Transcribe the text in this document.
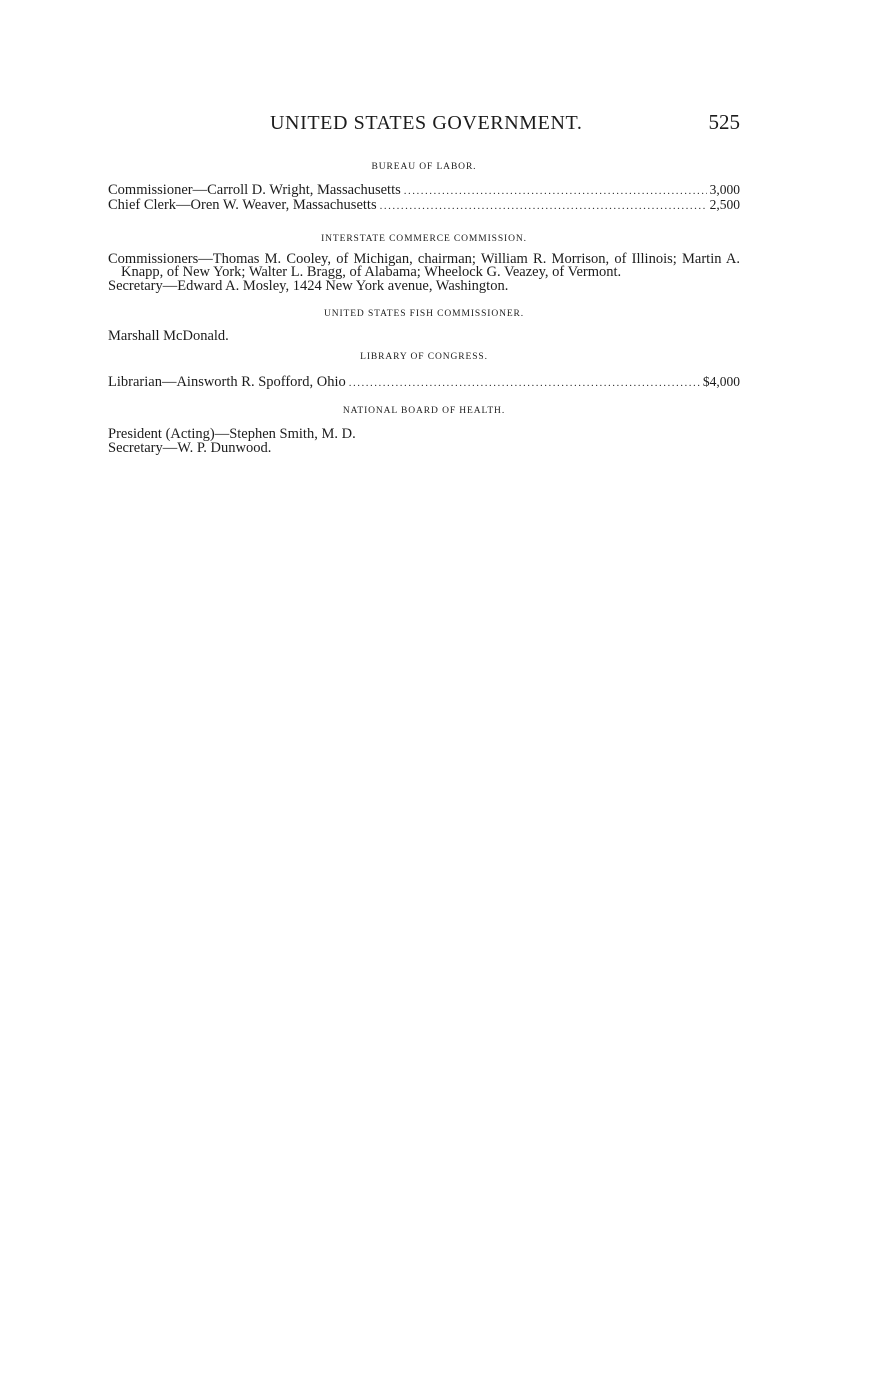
UNITED STATES GOVERNMENT.	525

BUREAU OF LABOR.

Commissioner—Carroll D. Wright, Massachusetts .....	3,000

Chief Clerk—Oren W. Weaver, Massachusetts .....	2,500

INTERSTATE COMMERCE COMMISSION.

Commissioners—Thomas M. Cooley, of Michigan, chairman; William R. Morrison, of Illinois; Martin A. Knapp, of New York; Walter L. Bragg, of Alabama; Wheelock G. Veazey, of Vermont.

Secretary—Edward A. Mosley, 1424 New York avenue, Washington.

UNITED STATES FISH COMMISSIONER.

Marshall McDonald.

LIBRARY OF CONGRESS.

Librarian—Ainsworth R. Spofford, Ohio .....	$4,000

NATIONAL BOARD OF HEALTH.

President (Acting)—Stephen Smith, M. D.

Secretary—W. P. Dunwood.
